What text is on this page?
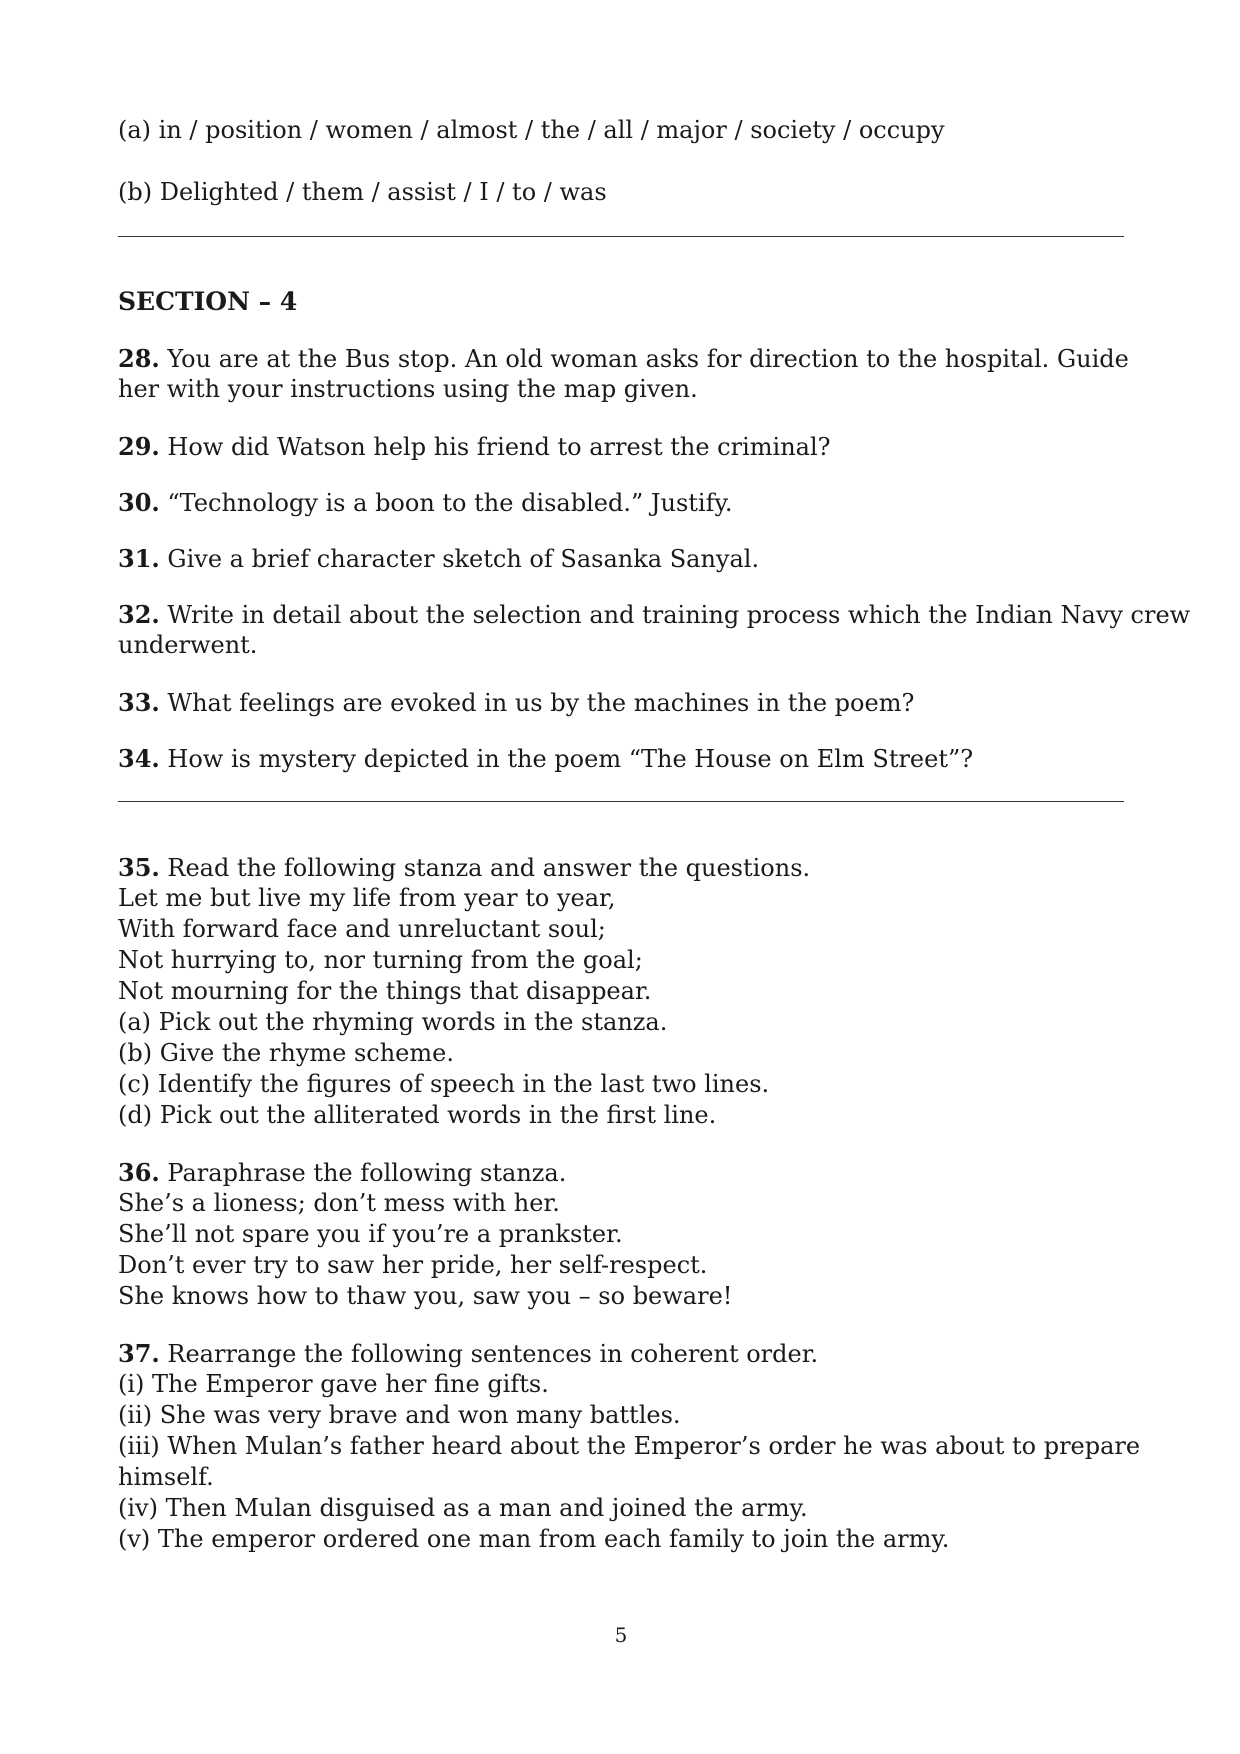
(a) in / position / women / almost / the / all / major / society / occupy
(b) Delighted / them / assist / I / to / was
SECTION – 4
28. You are at the Bus stop. An old woman asks for direction to the hospital. Guide
her with your instructions using the map given.
29. How did Watson help his friend to arrest the criminal?
30. “Technology is a boon to the disabled.” Justify.
31. Give a brief character sketch of Sasanka Sanyal.
32. Write in detail about the selection and training process which the Indian Navy crew
underwent.
33. What feelings are evoked in us by the machines in the poem?
34. How is mystery depicted in the poem “The House on Elm Street”?
35. Read the following stanza and answer the questions.
Let me but live my life from year to year,
With forward face and unreluctant soul;
Not hurrying to, nor turning from the goal;
Not mourning for the things that disappear.
(a) Pick out the rhyming words in the stanza.
(b) Give the rhyme scheme.
(c) Identify the figures of speech in the last two lines.
(d) Pick out the alliterated words in the first line.
36. Paraphrase the following stanza.
She’s a lioness; don’t mess with her.
She’ll not spare you if you’re a prankster.
Don’t ever try to saw her pride, her self-respect.
She knows how to thaw you, saw you – so beware!
37. Rearrange the following sentences in coherent order.
(i) The Emperor gave her fine gifts.
(ii) She was very brave and won many battles.
(iii) When Mulan’s father heard about the Emperor’s order he was about to prepare
himself.
(iv) Then Mulan disguised as a man and joined the army.
(v) The emperor ordered one man from each family to join the army.
5
